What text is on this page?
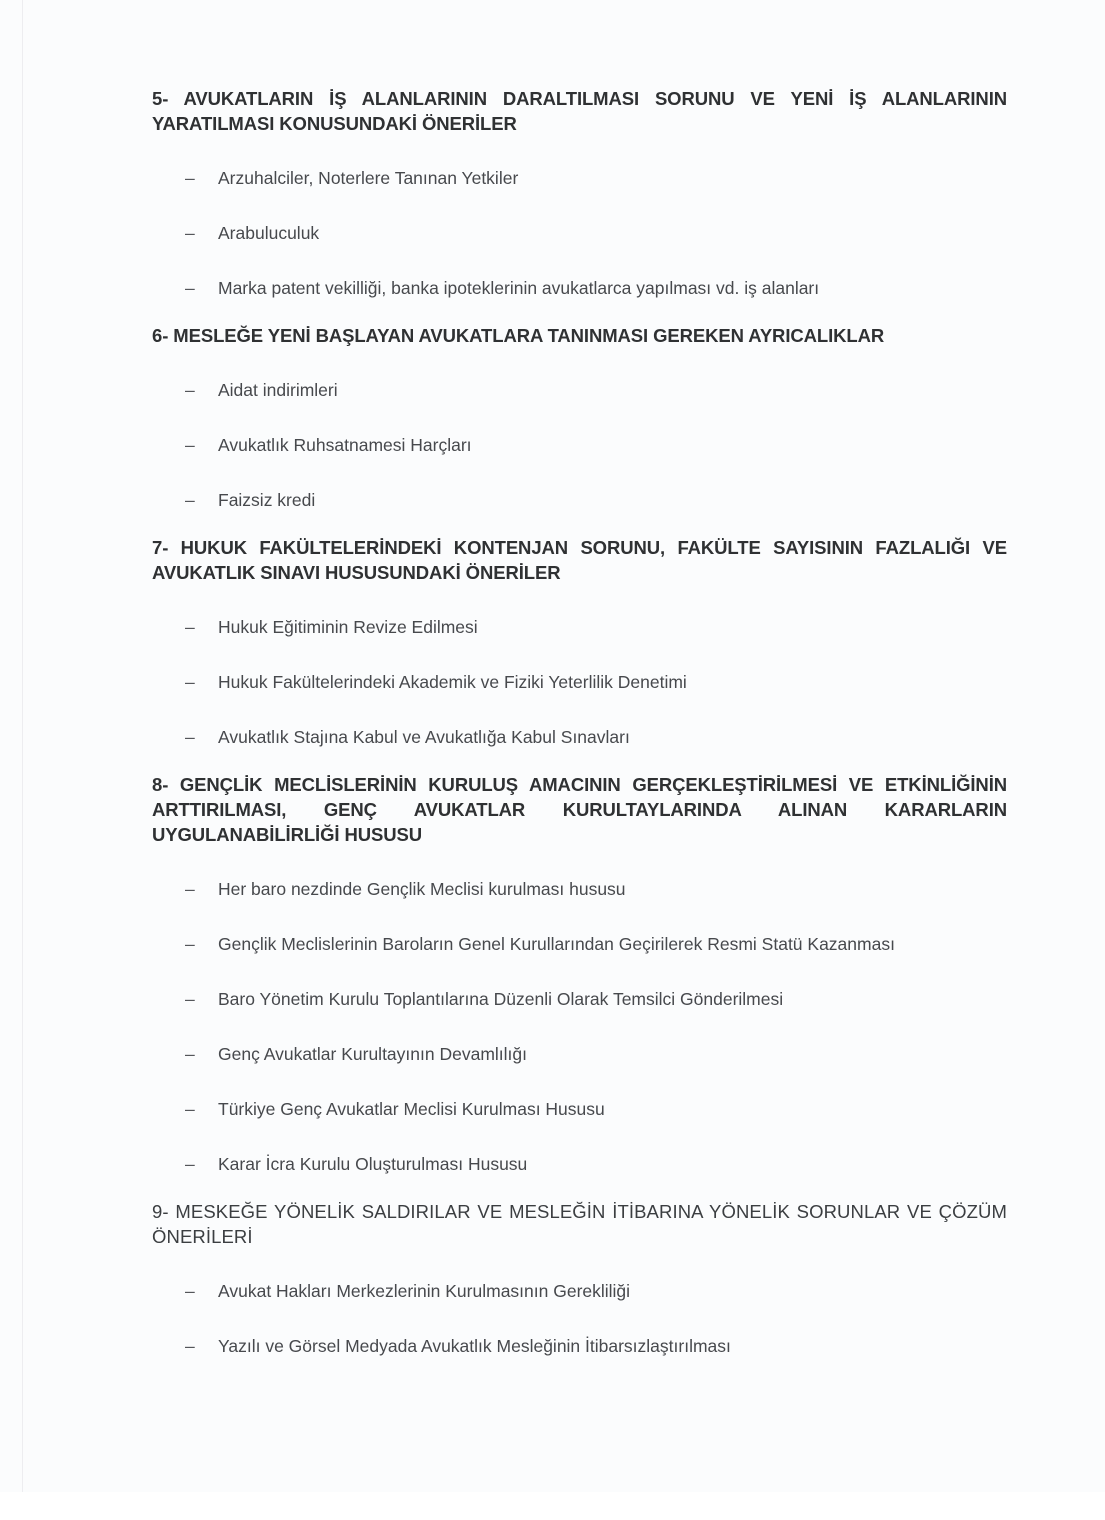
5- AVUKATLARIN İŞ ALANLARININ DARALTILMASI SORUNU VE YENİ İŞ ALANLARININ YARATILMASI KONUSUNDAKİ ÖNERİLER
–	Arzuhalciler, Noterlere Tanınan Yetkiler
–	Arabuluculuk
–	Marka patent vekilliği, banka ipoteklerinin avukatlarca yapılması vd. iş alanları
6- MESLEĞE YENİ BAŞLAYAN AVUKATLARA TANINMASI GEREKEN AYRICALIKLAR
–	Aidat indirimleri
–	Avukatlık Ruhsatnamesi Harçları
–	Faizsiz kredi
7- HUKUK FAKÜLTELERİNDEKİ KONTENJAN SORUNU, FAKÜLTE SAYISININ FAZLALIĞI VE AVUKATLIK SINAVI HUSUSUNDAKİ ÖNERİLER
–	Hukuk Eğitiminin Revize Edilmesi
–	Hukuk Fakültelerindeki Akademik ve Fiziki Yeterlilik Denetimi
–	Avukatlık Stajına Kabul ve Avukatlığa Kabul Sınavları
8- GENÇLİK MECLİSLERİNİN KURULUŞ AMACININ GERÇEKLEŞTİRİLMESİ VE ETKİNLİĞİNİN ARTTIRILMASI, GENÇ AVUKATLAR KURULTAYLARINDA ALINAN KARARLARIN UYGULANABİLİRLİĞİ HUSUSU
–	Her baro nezdinde Gençlik Meclisi kurulması hususu
–	Gençlik Meclislerinin Baroların Genel Kurullarından Geçirilerek Resmi Statü Kazanması
–	Baro Yönetim Kurulu Toplantılarına Düzenli Olarak Temsilci Gönderilmesi
–	Genç Avukatlar Kurultayının Devamlılığı
–	Türkiye Genç Avukatlar Meclisi Kurulması Hususu
–	Karar İcra Kurulu Oluşturulması Hususu
9- MESKEĞE YÖNELİK SALDIRILAR VE MESLEĞİN İTİBARINA YÖNELİK SORUNLAR VE ÇÖZÜM ÖNERİLERİ
–	Avukat Hakları Merkezlerinin Kurulmasının Gerekliliği
–	Yazılı ve Görsel Medyada Avukatlık Mesleğinin İtibarsızlaştırılması
